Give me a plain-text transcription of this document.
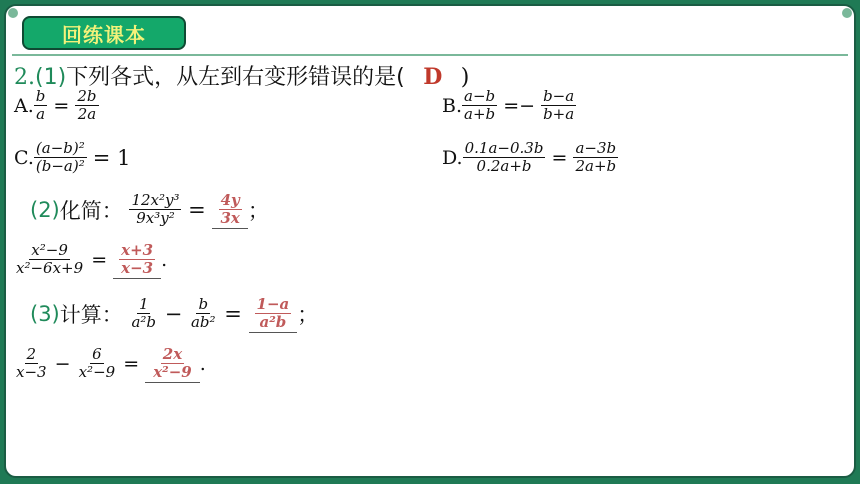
回练课本
2.(1)下列各式，从左到右变形错误的是( D )
A. $\frac{b}{a} = \frac{2b}{2a}$	B. $\frac{a-b}{a+b} =- \frac{b-a}{b+a}$
C. $\frac{\text{(a−b)²}}{\text{(b−a)²}} = 1$	D. $\frac{0.1a-0.3b}{0.2a+b} = \frac{a-3b}{2a+b}$
(2)化简： $\frac{\text{12x²y³}}{\text{9x³y²}} = \frac{4y}{3x}$ ；
$\frac{\text{x²−9}}{\text{x²−6x+9}} = \frac{x+3}{x-3}$ .
(3)计算： $\frac{1}{\text{a²b}} - \frac{b}{\text{ab²}} = \frac{1-a}{\text{a²b}}$ ；
$\frac{2}{x-3} - \frac{6}{\text{x²−9}} = \frac{2x}{\text{x²−9}}$ .
